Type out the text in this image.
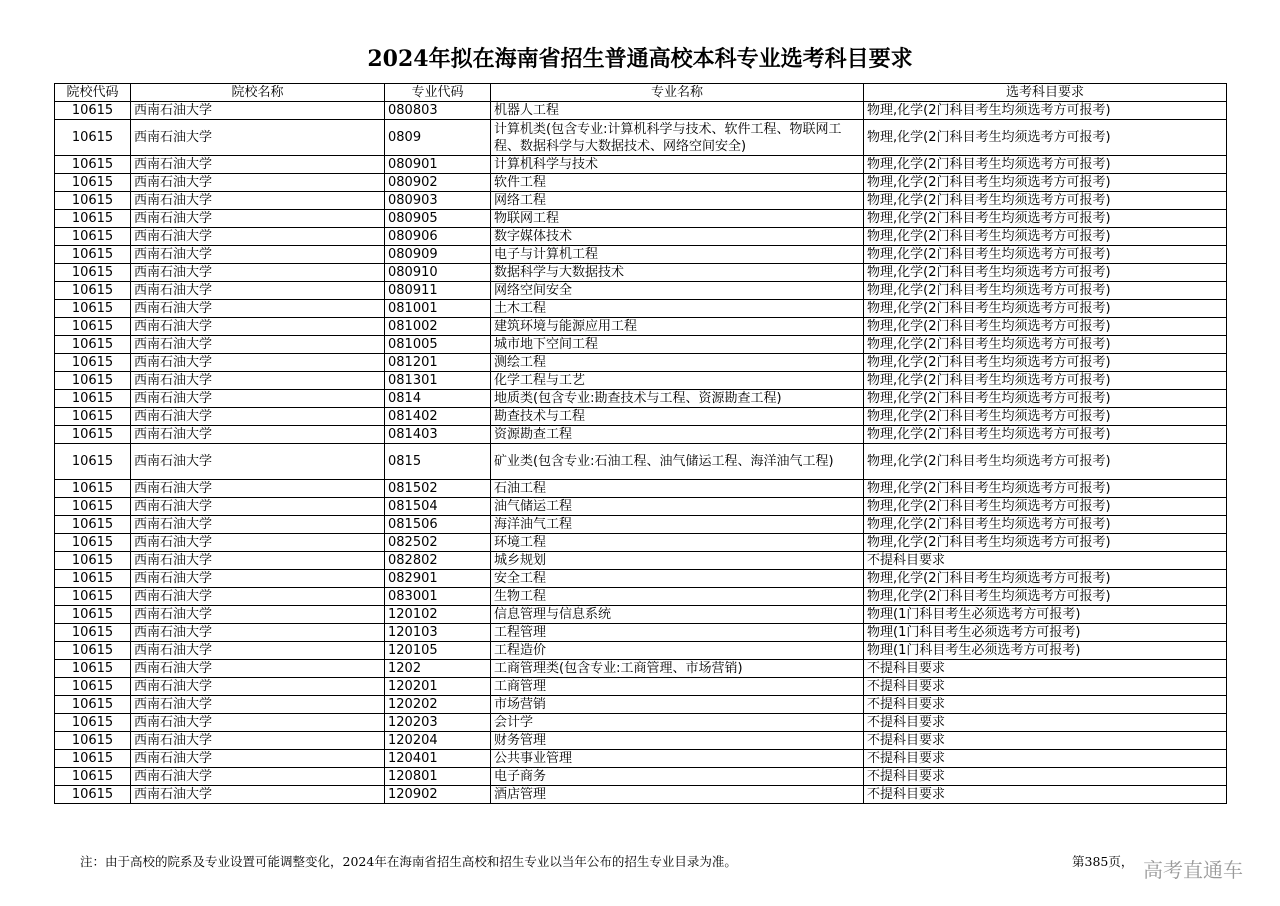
2024年拟在海南省招生普通高校本科专业选考科目要求
院校代码	院校名称	专业代码	专业名称	选考科目要求
10615	西南石油大学	080803	机器人工程	物理,化学(2门科目考生均须选考方可报考)
10615	西南石油大学	0809	计算机类(包含专业:计算机科学与技术、软件工程、物联网工程、数据科学与大数据技术、网络空间安全)	物理,化学(2门科目考生均须选考方可报考)
10615	西南石油大学	080901	计算机科学与技术	物理,化学(2门科目考生均须选考方可报考)
10615	西南石油大学	080902	软件工程	物理,化学(2门科目考生均须选考方可报考)
10615	西南石油大学	080903	网络工程	物理,化学(2门科目考生均须选考方可报考)
10615	西南石油大学	080905	物联网工程	物理,化学(2门科目考生均须选考方可报考)
10615	西南石油大学	080906	数字媒体技术	物理,化学(2门科目考生均须选考方可报考)
10615	西南石油大学	080909	电子与计算机工程	物理,化学(2门科目考生均须选考方可报考)
10615	西南石油大学	080910	数据科学与大数据技术	物理,化学(2门科目考生均须选考方可报考)
10615	西南石油大学	080911	网络空间安全	物理,化学(2门科目考生均须选考方可报考)
10615	西南石油大学	081001	土木工程	物理,化学(2门科目考生均须选考方可报考)
10615	西南石油大学	081002	建筑环境与能源应用工程	物理,化学(2门科目考生均须选考方可报考)
10615	西南石油大学	081005	城市地下空间工程	物理,化学(2门科目考生均须选考方可报考)
10615	西南石油大学	081201	测绘工程	物理,化学(2门科目考生均须选考方可报考)
10615	西南石油大学	081301	化学工程与工艺	物理,化学(2门科目考生均须选考方可报考)
10615	西南石油大学	0814	地质类(包含专业:勘查技术与工程、资源勘查工程)	物理,化学(2门科目考生均须选考方可报考)
10615	西南石油大学	081402	勘查技术与工程	物理,化学(2门科目考生均须选考方可报考)
10615	西南石油大学	081403	资源勘查工程	物理,化学(2门科目考生均须选考方可报考)
10615	西南石油大学	0815	矿业类(包含专业:石油工程、油气储运工程、海洋油气工程)	物理,化学(2门科目考生均须选考方可报考)
10615	西南石油大学	081502	石油工程	物理,化学(2门科目考生均须选考方可报考)
10615	西南石油大学	081504	油气储运工程	物理,化学(2门科目考生均须选考方可报考)
10615	西南石油大学	081506	海洋油气工程	物理,化学(2门科目考生均须选考方可报考)
10615	西南石油大学	082502	环境工程	物理,化学(2门科目考生均须选考方可报考)
10615	西南石油大学	082802	城乡规划	不提科目要求
10615	西南石油大学	082901	安全工程	物理,化学(2门科目考生均须选考方可报考)
10615	西南石油大学	083001	生物工程	物理,化学(2门科目考生均须选考方可报考)
10615	西南石油大学	120102	信息管理与信息系统	物理(1门科目考生必须选考方可报考)
10615	西南石油大学	120103	工程管理	物理(1门科目考生必须选考方可报考)
10615	西南石油大学	120105	工程造价	物理(1门科目考生必须选考方可报考)
10615	西南石油大学	1202	工商管理类(包含专业:工商管理、市场营销)	不提科目要求
10615	西南石油大学	120201	工商管理	不提科目要求
10615	西南石油大学	120202	市场营销	不提科目要求
10615	西南石油大学	120203	会计学	不提科目要求
10615	西南石油大学	120204	财务管理	不提科目要求
10615	西南石油大学	120401	公共事业管理	不提科目要求
10615	西南石油大学	120801	电子商务	不提科目要求
10615	西南石油大学	120902	酒店管理	不提科目要求
注：由于高校的院系及专业设置可能调整变化，2024年在海南省招生高校和招生专业以当年公布的招生专业目录为准。	第385页， 高考直通车
